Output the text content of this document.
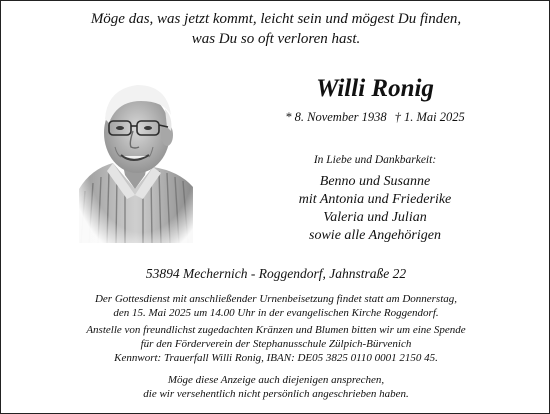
Möge das, was jetzt kommt, leicht sein und mögest Du finden,
was Du so oft verloren hast.
Willi Ronig
* 8. November 1938 † 1. Mai 2025
In Liebe und Dankbarkeit:
Benno und Susanne
mit Antonia und Friederike
Valeria und Julian
sowie alle Angehörigen
53894 Mechernich - Roggendorf, Jahnstraße 22
Der Gottesdienst mit anschließender Urnenbeisetzung findet statt am Donnerstag,
den 15. Mai 2025 um 14.00 Uhr in der evangelischen Kirche Roggendorf.
Anstelle von freundlichst zugedachten Kränzen und Blumen bitten wir um eine Spende
für den Förderverein der Stephanusschule Zülpich-Bürvenich
Kennwort: Trauerfall Willi Ronig, IBAN: DE05 3825 0110 0001 2150 45.
Möge diese Anzeige auch diejenigen ansprechen,
die wir versehentlich nicht persönlich angeschrieben haben.
